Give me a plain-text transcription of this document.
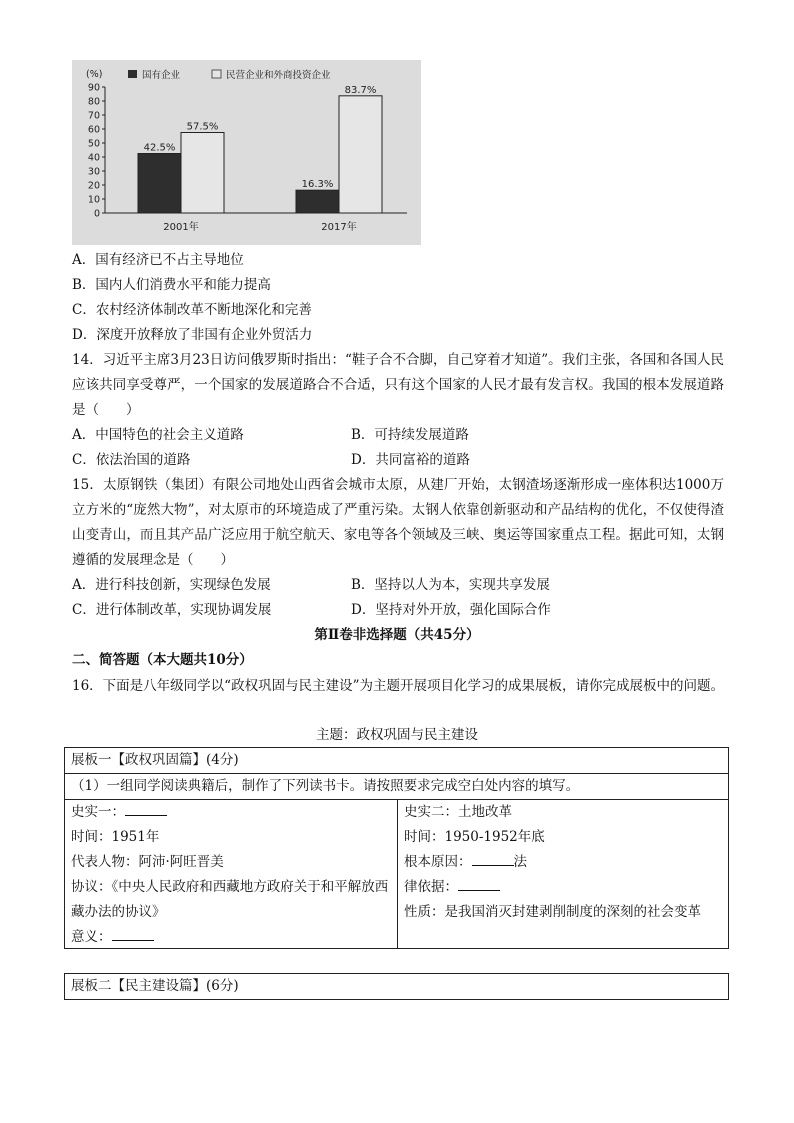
(%)	国有企业	民营企业和外商投资企业
0
10
20
30
40
50
60
70
80
90
42.5%
57.5%
16.3%
83.7%
2001年	2017年
A．国有经济已不占主导地位
B．国内人们消费水平和能力提高
C．农村经济体制改革不断地深化和完善
D．深度开放释放了非国有企业外贸活力
14．习近平主席3月23日访问俄罗斯时指出：“鞋子合不合脚，自己穿着才知道”。我们主张，各国和各国人民应该共同享受尊严，一个国家的发展道路合不合适，只有这个国家的人民才最有发言权。我国的根本发展道路是（　　）
A．中国特色的社会主义道路	B．可持续发展道路
C．依法治国的道路	D．共同富裕的道路
15．太原钢铁（集团）有限公司地处山西省会城市太原，从建厂开始，太钢渣场逐渐形成一座体积达1000万立方米的“庞然大物”，对太原市的环境造成了严重污染。太钢人依靠创新驱动和产品结构的优化，不仅使得渣山变青山，而且其产品广泛应用于航空航天、家电等各个领域及三峡、奥运等国家重点工程。据此可知，太钢遵循的发展理念是（　　）
A．进行科技创新，实现绿色发展	B．坚持以人为本，实现共享发展
C．进行体制改革，实现协调发展	D．坚持对外开放，强化国际合作
第Ⅱ卷非选择题（共45分）
二、简答题（本大题共10分）
16．下面是八年级同学以“政权巩固与民主建设”为主题开展项目化学习的成果展板，请你完成展板中的问题。
主题：政权巩固与民主建设
展板一【政权巩固篇】(4分)
（1）一组同学阅读典籍后，制作了下列读书卡。请按照要求完成空白处内容的填写。
史实一：
时间：1951年
代表人物：阿沛·阿旺晋美
协议：《中央人民政府和西藏地方政府关于和平解放西藏办法的协议》
意义：
史实二：土地改革
时间：1950-1952年底
根本原因：	法
律依据：
性质：是我国消灭封建剥削制度的深刻的社会变革
展板二【民主建设篇】(6分)
